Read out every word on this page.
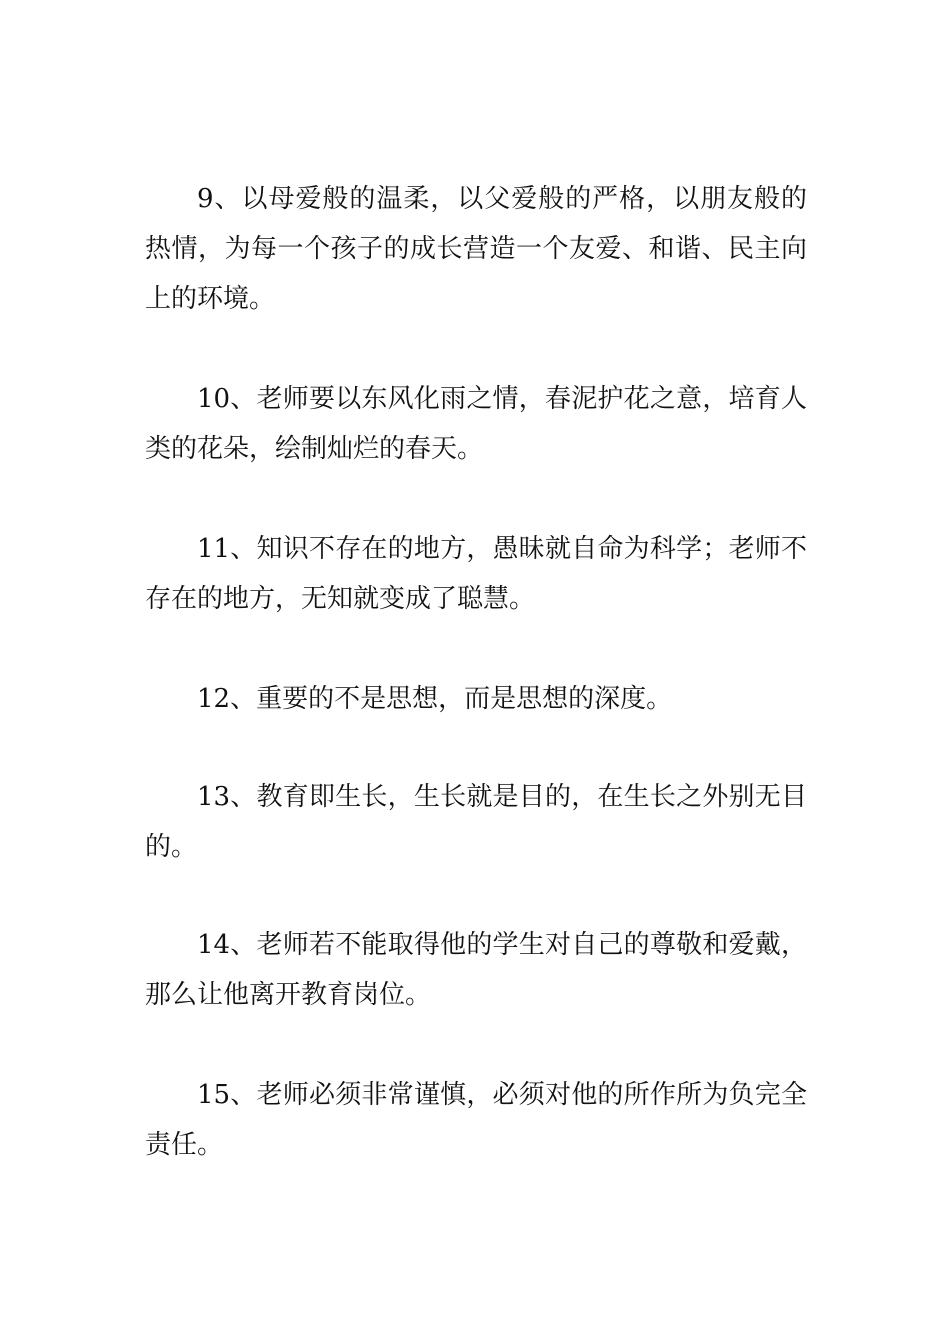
9、以母爱般的温柔，以父爱般的严格，以朋友般的热情，为每一个孩子的成长营造一个友爱、和谐、民主向上的环境。

10、老师要以东风化雨之情，春泥护花之意，培育人类的花朵，绘制灿烂的春天。

11、知识不存在的地方，愚昧就自命为科学；老师不存在的地方，无知就变成了聪慧。

12、重要的不是思想，而是思想的深度。

13、教育即生长，生长就是目的，在生长之外别无目的。

14、老师若不能取得他的学生对自己的尊敬和爱戴，那么让他离开教育岗位。

15、老师必须非常谨慎，必须对他的所作所为负完全责任。
